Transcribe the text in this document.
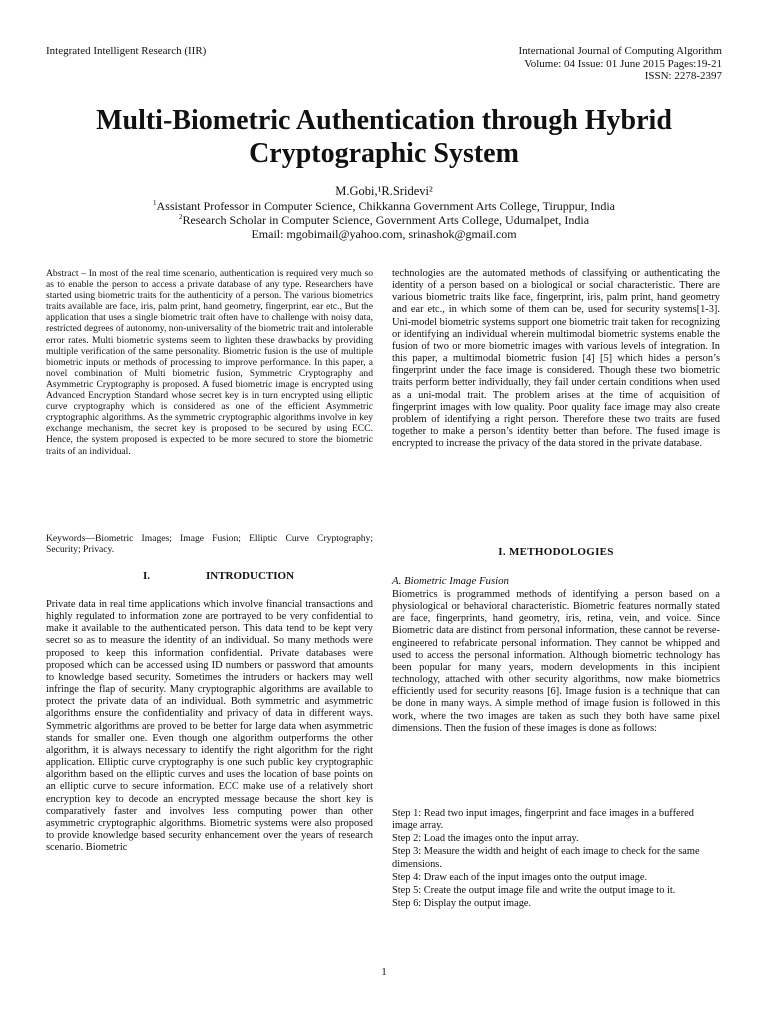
Integrated Intelligent Research (IIR)	International Journal of Computing Algorithm
Volume: 04 Issue: 01 June 2015 Pages:19-21
ISSN: 2278-2397
Multi-Biometric Authentication through Hybrid Cryptographic System
M.Gobi,¹R.Sridevi²
$^1$Assistant Professor in Computer Science, Chikkanna Government Arts College, Tiruppur, India
$^2$Research Scholar in Computer Science, Government Arts College, Udumalpet, India
Email: mgobimail@yahoo.com, srinashok@gmail.com
Abstract – In most of the real time scenario, authentication is required very much so as to enable the person to access a private database of any type. Researchers have started using biometric traits for the authenticity of a person. The various biometrics traits available are face, iris, palm print, hand geometry, fingerprint, ear etc., But the application that uses a single biometric trait often have to challenge with noisy data, restricted degrees of autonomy, non-universality of the biometric trait and intolerable error rates. Multi biometric systems seem to lighten these drawbacks by providing multiple verification of the same personality. Biometric fusion is the use of multiple biometric inputs or methods of processing to improve performance. In this paper, a novel combination of Multi biometric fusion, Symmetric Cryptography and Asymmetric Cryptography is proposed. A fused biometric image is encrypted using Advanced Encryption Standard whose secret key is in turn encrypted using elliptic curve cryptography which is considered as one of the efficient Asymmetric cryptographic algorithms. As the symmetric cryptographic algorithms involve in key exchange mechanism, the secret key is proposed to be secured by using ECC. Hence, the system proposed is expected to be more secured to store the biometric traits of an individual.
Keywords—Biometric Images; Image Fusion; Elliptic Curve Cryptography; Security; Privacy.
I.	INTRODUCTION
Private data in real time applications which involve financial transactions and highly regulated to information zone are portrayed to be very confidential to make it available to the authenticated person. This data tend to be kept very secret so as to measure the identity of an individual. So many methods were proposed to keep this information confidential. Private databases were proposed which can be accessed using ID numbers or password that amounts to knowledge based security. Sometimes the intruders or hackers may well infringe the flap of security. Many cryptographic algorithms are available to protect the private data of an individual. Both symmetric and asymmetric algorithms ensure the confidentiality and privacy of data in different ways. Symmetric algorithms are proved to be better for large data when asymmetric stands for smaller one. Even though one algorithm outperforms the other algorithm, it is always necessary to identify the right algorithm for the right application. Elliptic curve cryptography is one such public key cryptographic algorithm based on the elliptic curves and uses the location of base points on an elliptic curve to secure information. ECC make use of a relatively short encryption key to decode an encrypted message because the short key is comparatively faster and involves less computing power than other asymmetric cryptographic algorithms. Biometric systems were also proposed to provide knowledge based security enhancement over the years of research scenario. Biometric
technologies are the automated methods of classifying or authenticating the identity of a person based on a biological or social characteristic. There are various biometric traits like face, fingerprint, iris, palm print, hand geometry and ear etc., in which some of them can be, used for security systems[1-3]. Uni-model biometric systems support one biometric trait taken for recognizing or identifying an individual wherein multimodal biometric systems enable the fusion of two or more biometric images with various levels of integration. In this paper, a multimodal biometric fusion [4] [5] which hides a person’s fingerprint under the face image is considered. Though these two biometric traits perform better individually, they fail under certain conditions when used as a uni-modal trait. The problem arises at the time of acquisition of fingerprint images with low quality. Poor quality face image may also create problem of identifying a right person. Therefore these two traits are fused together to make a person’s identity better than before. The fused image is encrypted to increase the privacy of the data stored in the private database.
I. METHODOLOGIES
A. Biometric Image Fusion
Biometrics is programmed methods of identifying a person based on a physiological or behavioral characteristic. Biometric features normally stated are face, fingerprints, hand geometry, iris, retina, vein, and voice. Since Biometric data are distinct from personal information, these cannot be reverse-engineered to refabricate personal information. They cannot be whipped and used to access the personal information. Although biometric technology has been popular for many years, modern developments in this incipient technology, attached with other security algorithms, now make biometrics efficiently used for security reasons [6]. Image fusion is a technique that can be done in many ways. A simple method of image fusion is followed in this work, where the two images are taken as such they both have same pixel dimensions. Then the fusion of these images is done as follows:

Step 1: Read two input images, fingerprint and face images in a buffered image array.

Step 2: Load the images onto the input array.

Step 3: Measure the width and height of each image to check for the same dimensions.

Step 4: Draw each of the input images onto the output image.

Step 5: Create the output image file and write the output image to it.

Step 6: Display the output image.

1
